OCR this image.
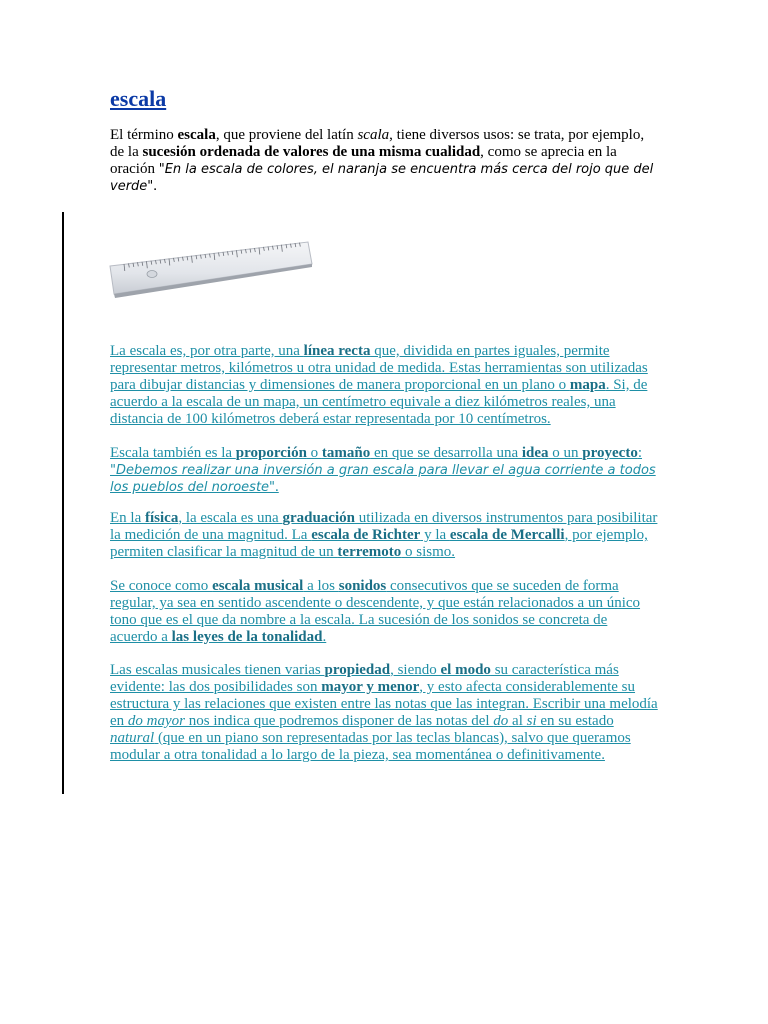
escala

El término escala, que proviene del latín scala, tiene diversos usos: se trata, por ejemplo, de la sucesión ordenada de valores de una misma cualidad, como se aprecia en la oración "En la escala de colores, el naranja se encuentra más cerca del rojo que del verde".

La escala es, por otra parte, una línea recta que, dividida en partes iguales, permite representar metros, kilómetros u otra unidad de medida. Estas herramientas son utilizadas para dibujar distancias y dimensiones de manera proporcional en un plano o mapa. Si, de acuerdo a la escala de un mapa, un centímetro equivale a diez kilómetros reales, una distancia de 100 kilómetros deberá estar representada por 10 centímetros.

Escala también es la proporción o tamaño en que se desarrolla una idea o un proyecto: "Debemos realizar una inversión a gran escala para llevar el agua corriente a todos los pueblos del noroeste".

En la física, la escala es una graduación utilizada en diversos instrumentos para posibilitar la medición de una magnitud. La escala de Richter y la escala de Mercalli, por ejemplo, permiten clasificar la magnitud de un terremoto o sismo.

Se conoce como escala musical a los sonidos consecutivos que se suceden de forma regular, ya sea en sentido ascendente o descendente, y que están relacionados a un único tono que es el que da nombre a la escala. La sucesión de los sonidos se concreta de acuerdo a las leyes de la tonalidad.

Las escalas musicales tienen varias propiedad, siendo el modo su característica más evidente: las dos posibilidades son mayor y menor, y esto afecta considerablemente su estructura y las relaciones que existen entre las notas que las integran. Escribir una melodía en do mayor nos indica que podremos disponer de las notas del do al si en su estado natural (que en un piano son representadas por las teclas blancas), salvo que queramos modular a otra tonalidad a lo largo de la pieza, sea momentánea o definitivamente.
